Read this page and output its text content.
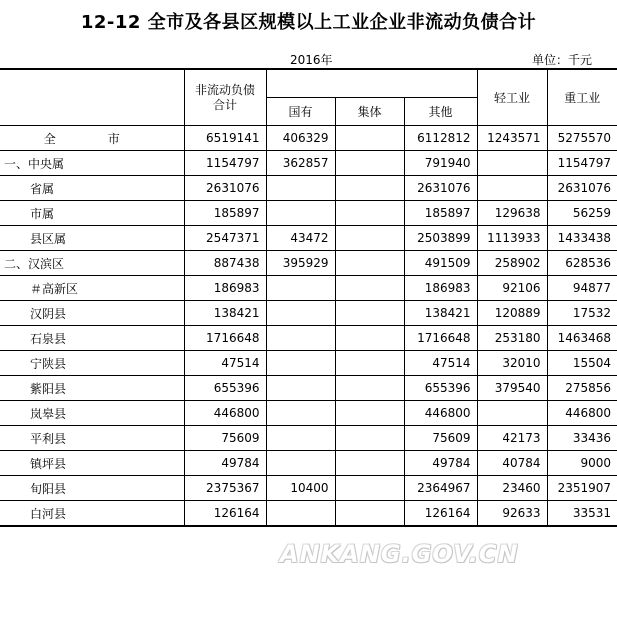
12-12 全市及各县区规模以上工业企业非流动负债合计
2016年	单位：千元

	非流动负债
合计				轻工业	重工业
		国有	集体	其他		
全　市	6519141	406329		6112812	1243571	5275570
一、中央属	1154797	362857		791940		1154797
省属	2631076			2631076		2631076
市属	185897			185897	129638	56259
县区属	2547371	43472		2503899	1113933	1433438
二、汉滨区	887438	395929		491509	258902	628536
＃高新区	186983			186983	92106	94877
汉阴县	138421			138421	120889	17532
石泉县	1716648			1716648	253180	1463468
宁陕县	47514			47514	32010	15504
紫阳县	655396			655396	379540	275856
岚皋县	446800			446800		446800
平利县	75609			75609	42173	33436
镇坪县	49784			49784	40784	9000
旬阳县	2375367	10400		2364967	23460	2351907
白河县	126164			126164	92633	33531
ANKANG.GOV.CN
